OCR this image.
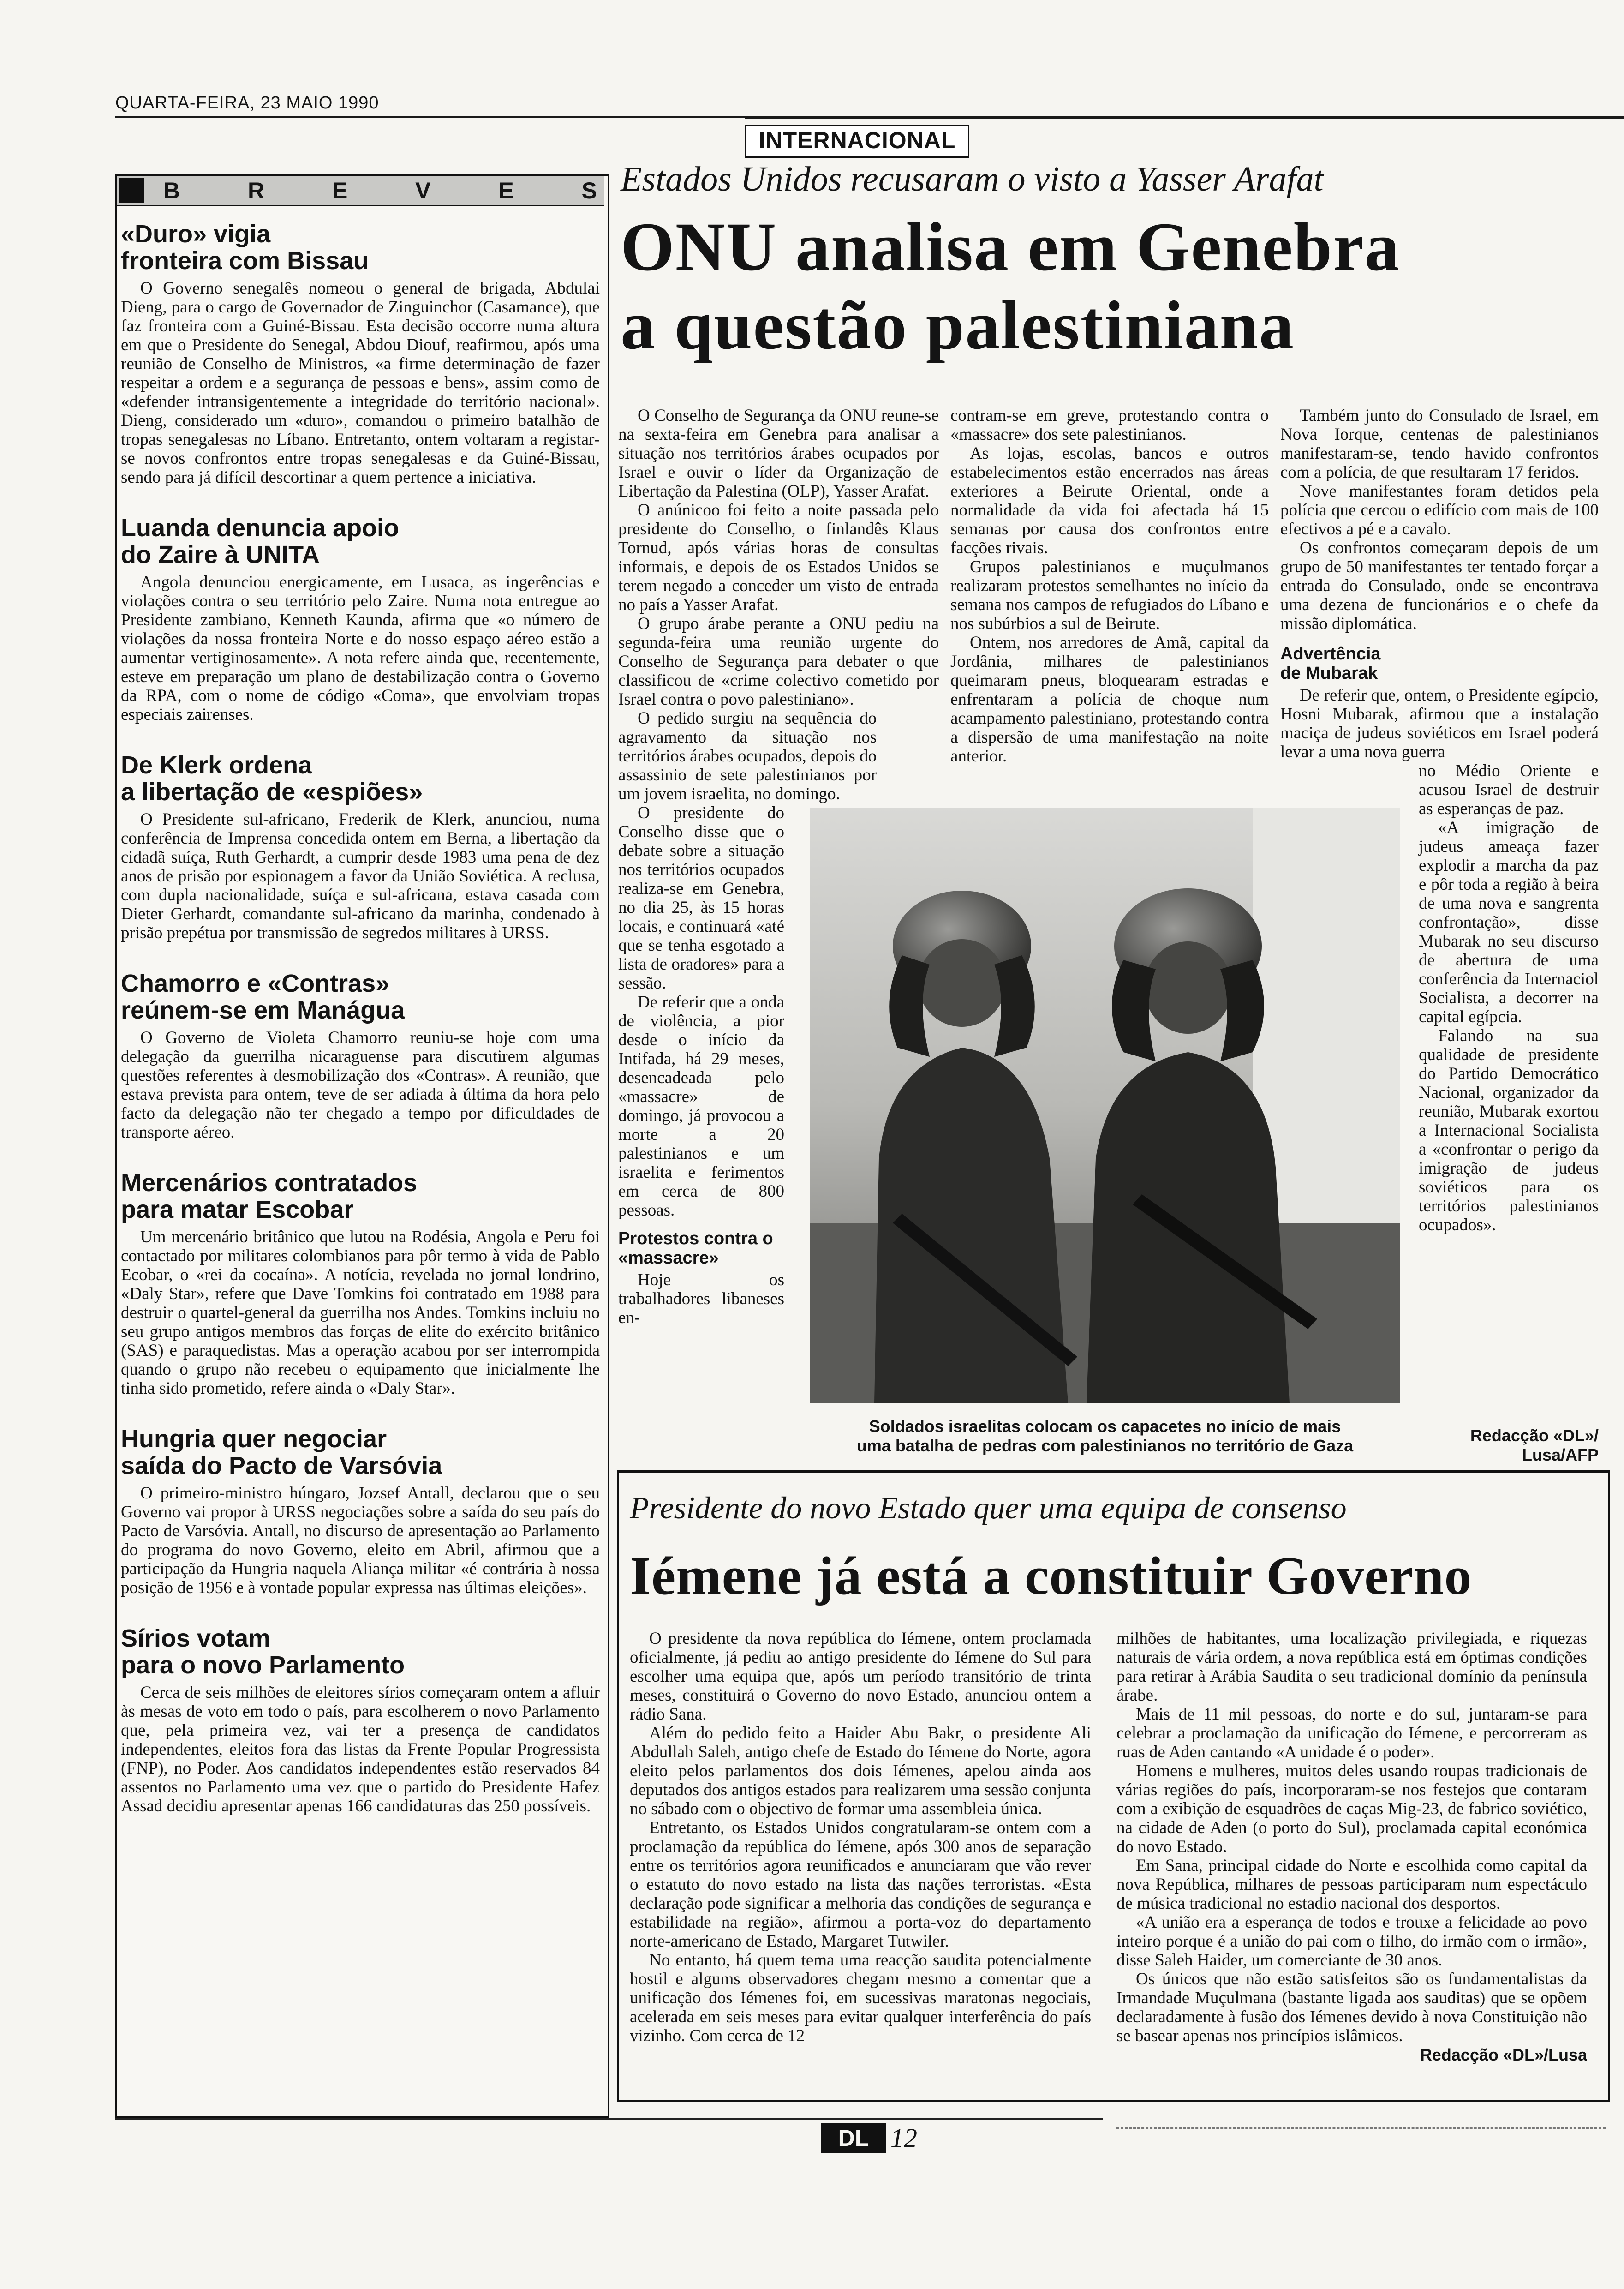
QUARTA-FEIRA, 23 MAIO 1990
INTERNACIONAL
B	R	E	V	E	S
«Duro» vigia
fronteira com Bissau

O Governo senegalês nomeou o general de brigada, Abdulai Dieng, para o cargo de Governador de Zinguinchor (Casamance), que faz fronteira com a Guiné-Bissau. Esta decisão occorre numa altura em que o Presidente do Senegal, Abdou Diouf, reafirmou, após uma reunião de Conselho de Ministros, «a firme determinação de fazer respeitar a ordem e a segurança de pessoas e bens», assim como de «defender intransigentemente a integridade do território nacional». Dieng, considerado um «duro», comandou o primeiro batalhão de tropas senegalesas no Líbano. Entretanto, ontem voltaram a registar-se novos confrontos entre tropas senegalesas e da Guiné-Bissau, sendo para já difícil descortinar a quem pertence a iniciativa.

Luanda denuncia apoio
do Zaire à UNITA

Angola denunciou energicamente, em Lusaca, as ingerências e violações contra o seu território pelo Zaire. Numa nota entregue ao Presidente zambiano, Kenneth Kaunda, afirma que «o número de violações da nossa fronteira Norte e do nosso espaço aéreo estão a aumentar vertiginosamente». A nota refere ainda que, recentemente, esteve em preparação um plano de destabilização contra o Governo da RPA, com o nome de código «Coma», que envolviam tropas especiais zairenses.

De Klerk ordena
a libertação de «espiões»

O Presidente sul-africano, Frederik de Klerk, anunciou, numa conferência de Imprensa concedida ontem em Berna, a libertação da cidadã suíça, Ruth Gerhardt, a cumprir desde 1983 uma pena de dez anos de prisão por espionagem a favor da União Soviética. A reclusa, com dupla nacionalidade, suíça e sul-africana, estava casada com Dieter Gerhardt, comandante sul-africano da marinha, condenado à prisão prepétua por transmissão de segredos militares à URSS.

Chamorro e «Contras»
reúnem-se em Manágua

O Governo de Violeta Chamorro reuniu-se hoje com uma delegação da guerrilha nicaraguense para discutirem algumas questões referentes à desmobilização dos «Contras». A reunião, que estava prevista para ontem, teve de ser adiada à última da hora pelo facto da delegação não ter chegado a tempo por dificuldades de transporte aéreo.

Mercenários contratados
para matar Escobar

Um mercenário britânico que lutou na Rodésia, Angola e Peru foi contactado por militares colombianos para pôr termo à vida de Pablo Ecobar, o «rei da cocaína». A notícia, revelada no jornal londrino, «Daly Star», refere que Dave Tomkins foi contratado em 1988 para destruir o quartel-general da guerrilha nos Andes. Tomkins incluiu no seu grupo antigos membros das forças de elite do exército britânico (SAS) e paraquedistas. Mas a operação acabou por ser interrompida quando o grupo não recebeu o equipamento que inicialmente lhe tinha sido prometido, refere ainda o «Daly Star».

Hungria quer negociar
saída do Pacto de Varsóvia

O primeiro-ministro húngaro, Jozsef Antall, declarou que o seu Governo vai propor à URSS negociações sobre a saída do seu país do Pacto de Varsóvia. Antall, no discurso de apresentação ao Parlamento do programa do novo Governo, eleito em Abril, afirmou que a participação da Hungria naquela Aliança militar «é contrária à nossa posição de 1956 e à vontade popular expressa nas últimas eleições».

Sírios votam
para o novo Parlamento

Cerca de seis milhões de eleitores sírios começaram ontem a afluir às mesas de voto em todo o país, para escolherem o novo Parlamento que, pela primeira vez, vai ter a presença de candidatos independentes, eleitos fora das listas da Frente Popular Progressista (FNP), no Poder. Aos candidatos independentes estão reservados 84 assentos no Parlamento uma vez que o partido do Presidente Hafez Assad decidiu apresentar apenas 166 candidaturas das 250 possíveis.

Estados Unidos recusaram o visto a Yasser Arafat
ONU analisa em Genebra
a questão palestiniana

O Conselho de Segurança da ONU reune-se na sexta-feira em Genebra para analisar a situação nos territórios árabes ocupados por Israel e ouvir o líder da Organização de Libertação da Palestina (OLP), Yasser Arafat.

O anúnicoo foi feito a noite passada pelo presidente do Conselho, o finlandês Klaus Tornud, após várias horas de consultas informais, e depois de os Estados Unidos se terem negado a conceder um visto de entrada no país a Yasser Arafat.

O grupo árabe perante a ONU pediu na segunda-feira uma reunião urgente do Conselho de Segurança para debater o que classificou de «crime colectivo cometido por Israel contra o povo palestiniano».

O pedido surgiu na sequência do agravamento da situação nos territórios árabes ocupados, depois do assassinio de sete palestinianos por um jovem israelita, no domingo.

O presidente do Conselho disse que o debate sobre a situação nos territórios ocupados realiza-se em Genebra, no dia 25, às 15 horas locais, e continuará «até que se tenha esgotado a lista de oradores» para a sessão.

De referir que a onda de violência, a pior desde o início da Intifada, há 29 meses, desencadeada pelo «massacre» de domingo, já provocou a morte a 20 palestinianos e um israelita e ferimentos em cerca de 800 pessoas.

Protestos contra o «massacre»

Hoje os trabalhadores libaneses en-

contram-se em greve, protestando contra o «massacre» dos sete palestinianos.

As lojas, escolas, bancos e outros estabelecimentos estão encerrados nas áreas exteriores a Beirute Oriental, onde a normalidade da vida foi afectada há 15 semanas por causa dos confrontos entre facções rivais.

Grupos palestinianos e muçulmanos realizaram protestos semelhantes no início da semana nos campos de refugiados do Líbano e nos subúrbios a sul de Beirute.

Ontem, nos arredores de Amã, capital da Jordânia, milhares de palestinianos queimaram pneus, bloquearam estradas e enfrentaram a polícia de choque num acampamento palestiniano, protestando contra a dispersão de uma manifestação na noite anterior.

Também junto do Consulado de Israel, em Nova Iorque, centenas de palestinianos manifestaram-se, tendo havido confrontos com a polícia, de que resultaram 17 feridos.

Nove manifestantes foram detidos pela polícia que cercou o edifício com mais de 100 efectivos a pé e a cavalo.

Os confrontos começaram depois de um grupo de 50 manifestantes ter tentado forçar a entrada do Consulado, onde se encontrava uma dezena de funcionários e o chefe da missão diplomática.

Advertência de Mubarak

De referir que, ontem, o Presidente egípcio, Hosni Mubarak, afirmou que a instalação maciça de judeus soviéticos em Israel poderá levar a uma nova guerra

no Médio Oriente e acusou Israel de destruir as esperanças de paz.

«A imigração de judeus ameaça fazer explodir a marcha da paz e pôr toda a região à beira de uma nova e sangrenta confrontação», disse Mubarak no seu discurso de abertura de uma conferência da Internaciol Socialista, a decorrer na capital egípcia.

Falando na sua qualidade de presidente do Partido Democrático Nacional, organizador da reunião, Mubarak exortou a Internacional Socialista a «confrontar o perigo da imigração de judeus soviéticos para os territórios palestinianos ocupados».

Soldados israelitas colocam os capacetes no início de mais
uma batalha de pedras com palestinianos no território de Gaza
Redacção «DL»/
Lusa/AFP
Presidente do novo Estado quer uma equipa de consenso
Iémene já está a constituir Governo

O presidente da nova república do Iémene, ontem proclamada oficialmente, já pediu ao antigo presidente do Iémene do Sul para escolher uma equipa que, após um período transitório de trinta meses, constituirá o Governo do novo Estado, anunciou ontem a rádio Sana.

Além do pedido feito a Haider Abu Bakr, o presidente Ali Abdullah Saleh, antigo chefe de Estado do Iémene do Norte, agora eleito pelos parlamentos dos dois Iémenes, apelou ainda aos deputados dos antigos estados para realizarem uma sessão conjunta no sábado com o objectivo de formar uma assembleia única.

Entretanto, os Estados Unidos congratularam-se ontem com a proclamação da república do Iémene, após 300 anos de separação entre os territórios agora reunificados e anunciaram que vão rever o estatuto do novo estado na lista das nações terroristas. «Esta declaração pode significar a melhoria das condições de segurança e estabilidade na região», afirmou a porta-voz do departamento norte-americano de Estado, Margaret Tutwiler.

No entanto, há quem tema uma reacção saudita potencialmente hostil e algums observadores chegam mesmo a comentar que a unificação dos Iémenes foi, em sucessivas maratonas negociais, acelerada em seis meses para evitar qualquer interferência do país vizinho. Com cerca de 12

milhões de habitantes, uma localização privilegiada, e riquezas naturais de vária ordem, a nova república está em óptimas condições para retirar à Arábia Saudita o seu tradicional domínio da península árabe.

Mais de 11 mil pessoas, do norte e do sul, juntaram-se para celebrar a proclamação da unificação do Iémene, e percorreram as ruas de Aden cantando «A unidade é o poder».

Homens e mulheres, muitos deles usando roupas tradicionais de várias regiões do país, incorporaram-se nos festejos que contaram com a exibição de esquadrões de caças Mig-23, de fabrico soviético, na cidade de Aden (o porto do Sul), proclamada capital económica do novo Estado.

Em Sana, principal cidade do Norte e escolhida como capital da nova República, milhares de pessoas participaram num espectáculo de música tradicional no estadio nacional dos desportos.

«A união era a esperança de todos e trouxe a felicidade ao povo inteiro porque é a união do pai com o filho, do irmão com o irmão», disse Saleh Haider, um comerciante de 30 anos.

Os únicos que não estão satisfeitos são os fundamentalistas da Irmandade Muçulmana (bastante ligada aos sauditas) que se opõem declaradamente à fusão dos Iémenes devido à nova Constituição não se basear apenas nos princípios islâmicos.

Redacção «DL»/Lusa
DL 12
